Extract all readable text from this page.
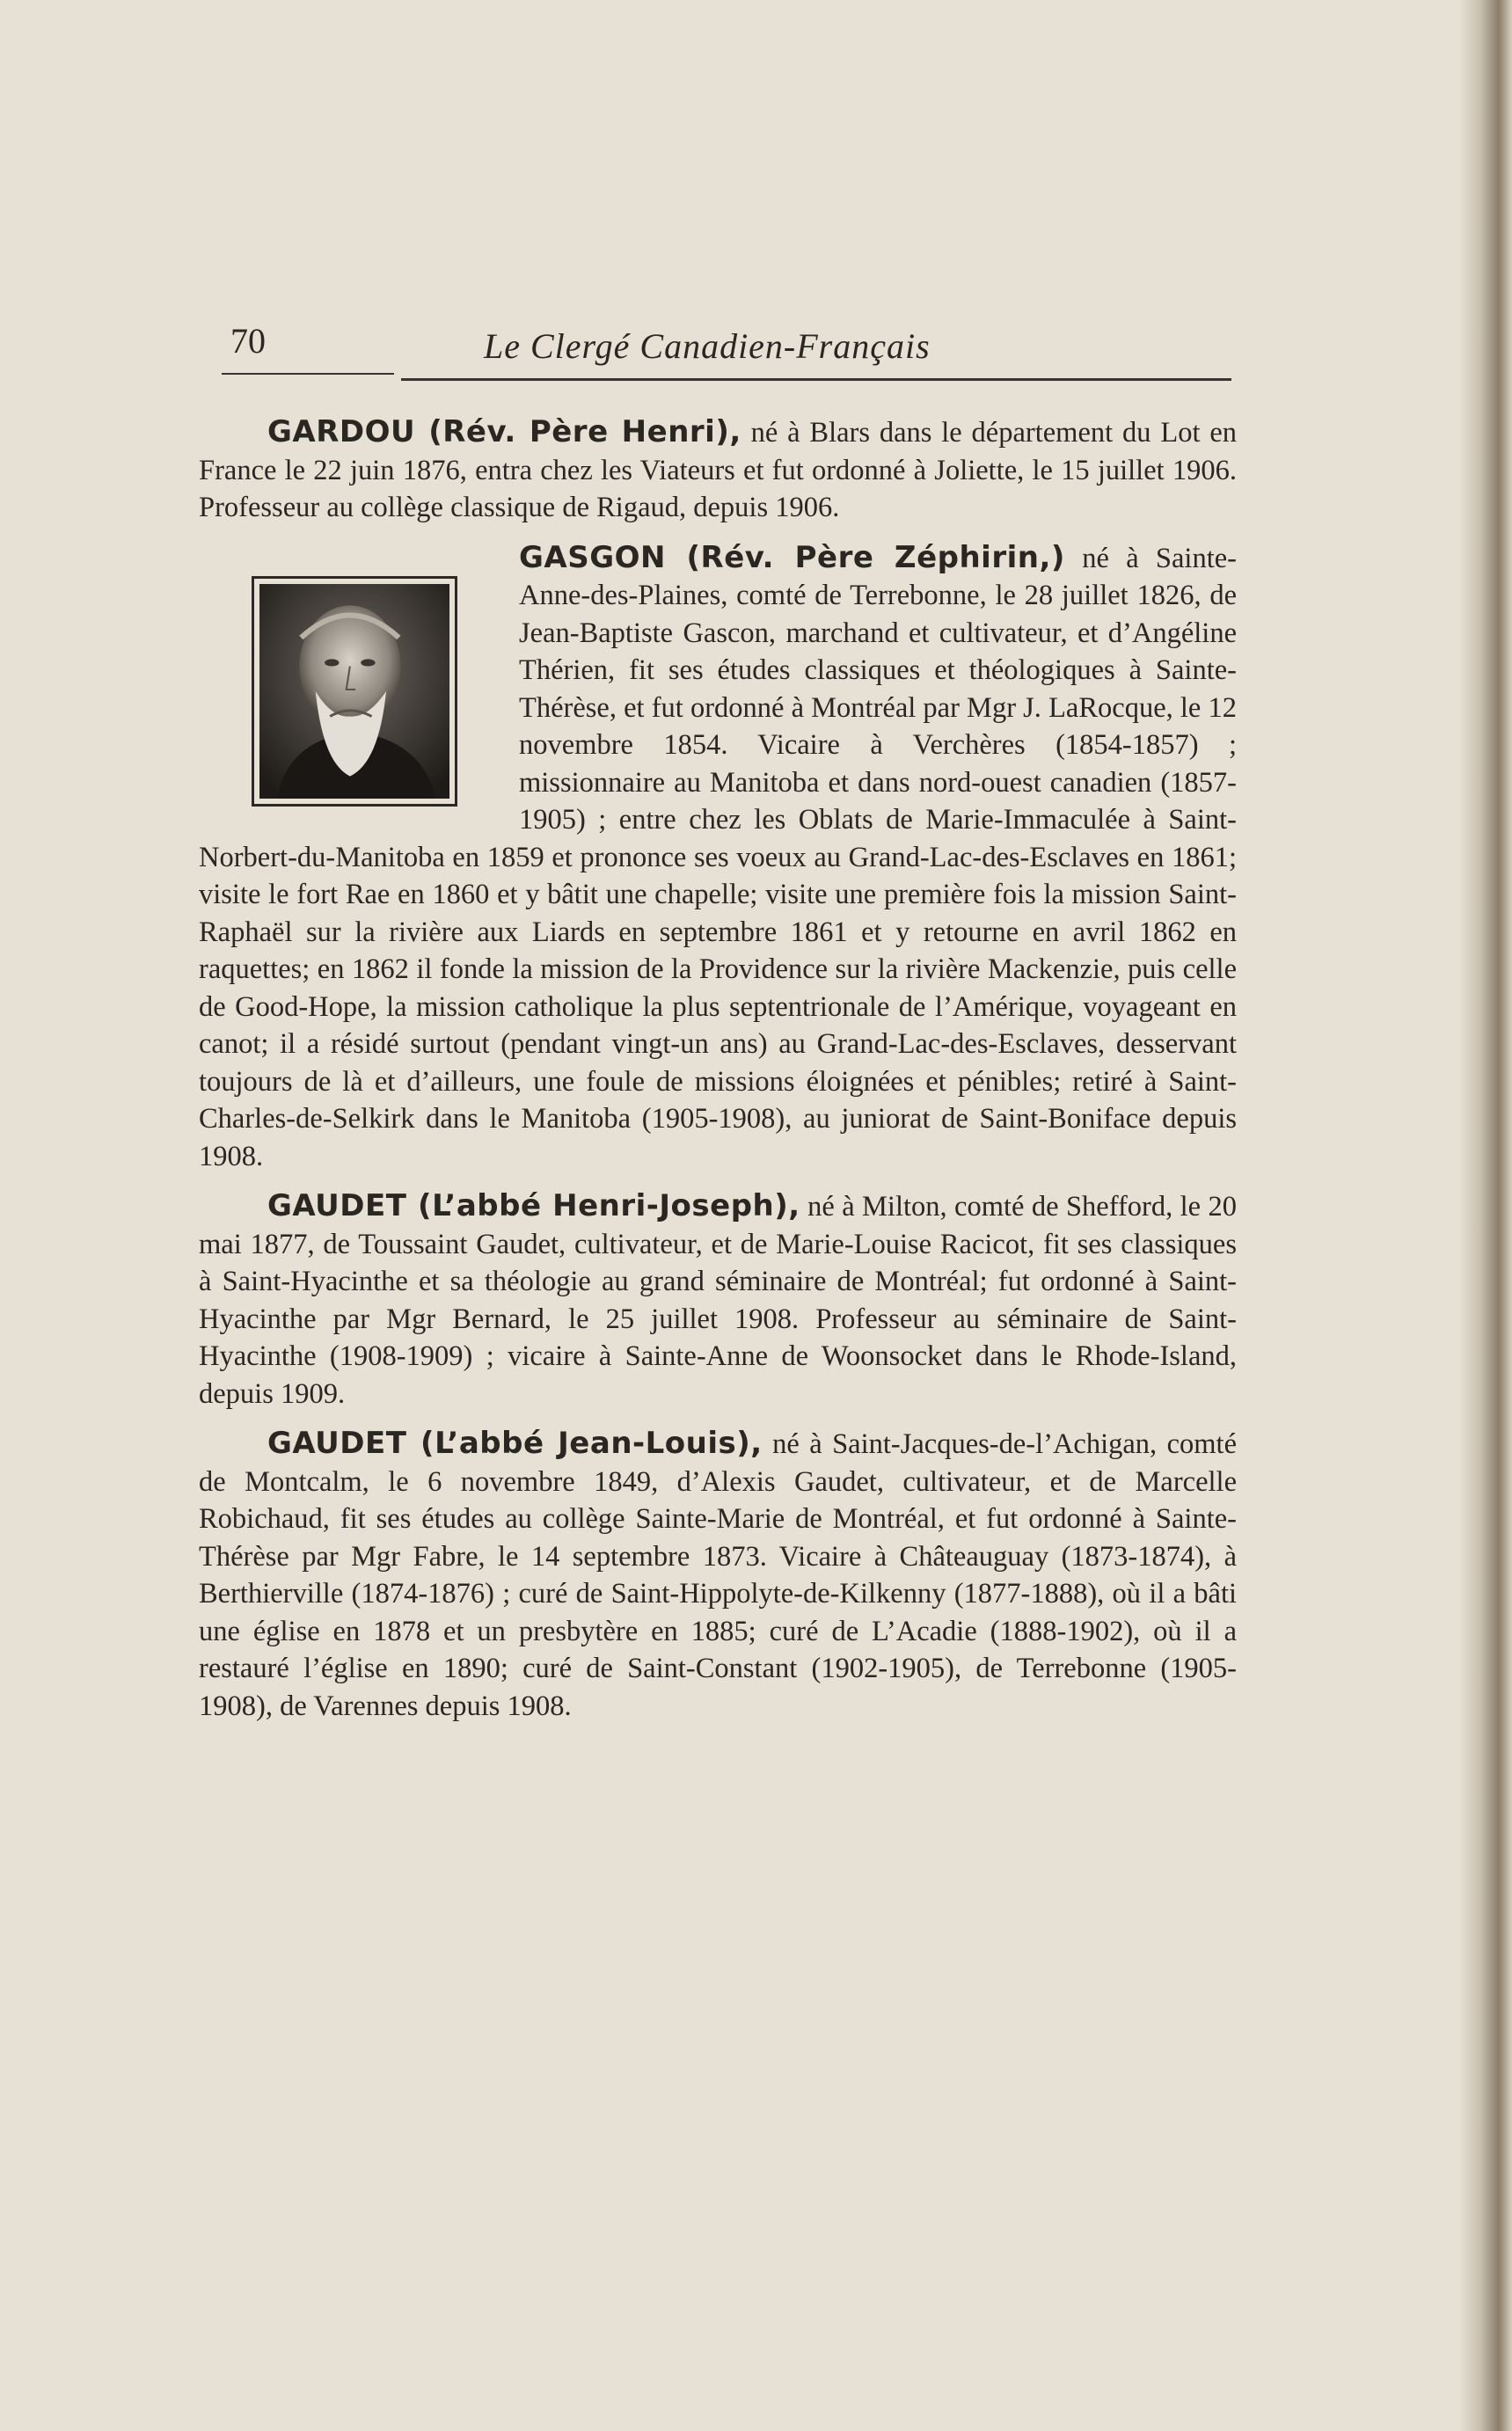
70	Le Clergé Canadien-Français

GARDOU (Rév. Père Henri), né à Blars dans le département du Lot en France le 22 juin 1876, entra chez les Viateurs et fut ordonné à Joliette, le 15 juillet 1906. Professeur au collège classique de Rigaud, depuis 1906.

GASGON (Rév. Père Zéphirin,) né à Sainte-Anne-des-Plaines, comté de Terrebonne, le 28 juillet 1826, de Jean-Baptiste Gascon, marchand et cultivateur, et d’Angéline Thérien, fit ses études classiques et théologiques à Sainte-Thérèse, et fut ordonné à Montréal par Mgr J. LaRocque, le 12 novembre 1854. Vicaire à Verchères (1854-1857) ; missionnaire au Manitoba et dans nord-ouest canadien (1857-1905) ; entre chez les Oblats de Marie-Immaculée à Saint-Norbert-du-Manitoba en 1859 et prononce ses voeux au Grand-Lac-des-Esclaves en 1861; visite le fort Rae en 1860 et y bâtit une chapelle; visite une première fois la mission Saint-Raphaël sur la rivière aux Liards en septembre 1861 et y retourne en avril 1862 en raquettes; en 1862 il fonde la mission de la Providence sur la rivière Mackenzie, puis celle de Good-Hope, la mission catholique la plus septentrionale de l’Amérique, voyageant en canot; il a résidé surtout (pendant vingt-un ans) au Grand-Lac-des-Esclaves, desservant toujours de là et d’ailleurs, une foule de missions éloignées et pénibles; retiré à Saint-Charles-de-Selkirk dans le Manitoba (1905-1908), au juniorat de Saint-Boniface depuis 1908.

GAUDET (L’abbé Henri-Joseph), né à Milton, comté de Shefford, le 20 mai 1877, de Toussaint Gaudet, cultivateur, et de Marie-Louise Racicot, fit ses classiques à Saint-Hyacinthe et sa théologie au grand séminaire de Montréal; fut ordonné à Saint-Hyacinthe par Mgr Bernard, le 25 juillet 1908. Professeur au séminaire de Saint-Hyacinthe (1908-1909) ; vicaire à Sainte-Anne de Woonsocket dans le Rhode-Island, depuis 1909.

GAUDET (L’abbé Jean-Louis), né à Saint-Jacques-de-l’Achigan, comté de Montcalm, le 6 novembre 1849, d’Alexis Gaudet, cultivateur, et de Marcelle Robichaud, fit ses études au collège Sainte-Marie de Montréal, et fut ordonné à Sainte-Thérèse par Mgr Fabre, le 14 septembre 1873. Vicaire à Châteauguay (1873-1874), à Berthierville (1874-1876) ; curé de Saint-Hippolyte-de-Kilkenny (1877-1888), où il a bâti une église en 1878 et un presbytère en 1885; curé de L’Acadie (1888-1902), où il a restauré l’église en 1890; curé de Saint-Constant (1902-1905), de Terrebonne (1905-1908), de Varennes depuis 1908.
